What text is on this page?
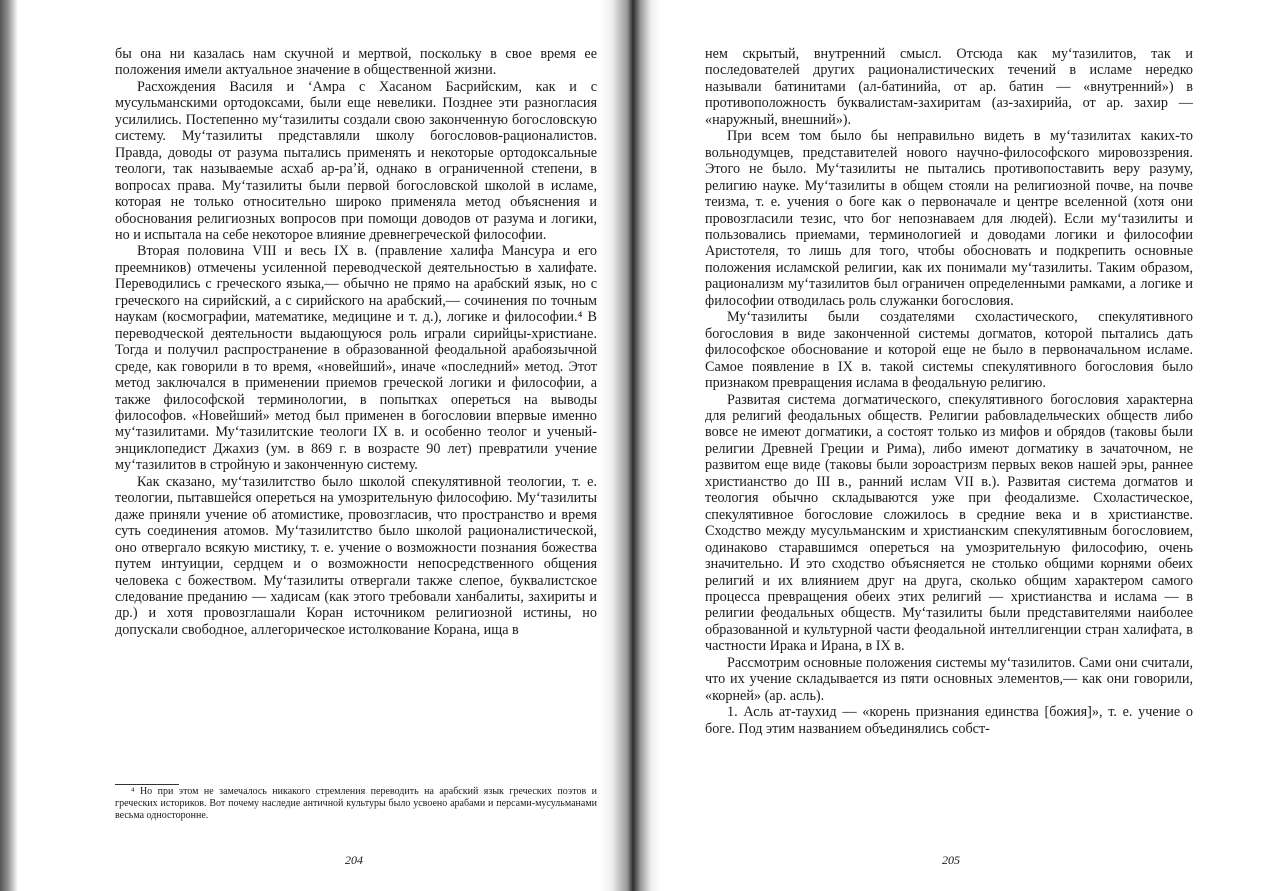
бы она ни казалась нам скучной и мертвой, поскольку в свое время ее положения имели актуальное значение в общественной жизни.

Расхождения Василя и ʻАмра с Хасаном Басрийским, как и с мусульманскими ортодоксами, были еще невелики. Позднее эти разногласия усилились. Постепенно муʻтазилиты создали свою законченную богословскую систему. Муʻтазилиты представляли школу богословов-рационалистов. Правда, доводы от разума пытались применять и некоторые ортодоксальные теологи, так называемые асхаб ар-раʼй, однако в ограниченной степени, в вопросах права. Муʻтазилиты были первой богословской школой в исламе, которая не только относительно широко применяла метод объяснения и обоснования религиозных вопросов при помощи доводов от разума и логики, но и испытала на себе некоторое влияние древнегреческой философии.

Вторая половина VIII и весь IX в. (правление халифа Мансура и его преемников) отмечены усиленной переводческой деятельностью в халифате. Переводились с греческого языка,— обычно не прямо на арабский язык, но с греческого на сирийский, а с сирийского на арабский,— сочинения по точным наукам (космографии, математике, медицине и т. д.), логике и философии.⁴ В переводческой деятельности выдающуюся роль играли сирийцы-христиане. Тогда и получил распространение в образованной феодальной арабоязычной среде, как говорили в то время, «новейший», иначе «последний» метод. Этот метод заключался в применении приемов греческой логики и философии, а также философской терминологии, в попытках опереться на выводы философов. «Новейший» метод был применен в богословии впервые именно муʻтазилитами. Муʻтазилитские теологи IX в. и особенно теолог и ученый-энциклопедист Джахиз (ум. в 869 г. в возрасте 90 лет) превратили учение муʻтазилитов в стройную и законченную систему.

Как сказано, муʻтазилитство было школой спекулятивной теологии, т. е. теологии, пытавшейся опереться на умозрительную философию. Муʻтазилиты даже приняли учение об атомистике, провозгласив, что пространство и время суть соединения атомов. Муʻтазилитство было школой рационалистической, оно отвергало всякую мистику, т. е. учение о возможности познания божества путем интуиции, сердцем и о возможности непосредственного общения человека с божеством. Муʻтазилиты отвергали также слепое, буквалистское следование преданию — хадисам (как этого требовали ханбалиты, захириты и др.) и хотя провозглашали Коран источником религиозной истины, но допускали свободное, аллегорическое истолкование Корана, ища в

⁴ Но при этом не замечалось никакого стремления переводить на арабский язык греческих поэтов и греческих историков. Вот почему наследие античной культуры было усвоено арабами и персами-мусульманами весьма односторонне.

204

нем скрытый, внутренний смысл. Отсюда как муʻтазилитов, так и последователей других рационалистических течений в исламе нередко называли батинитами (ал-батинийа, от ар. батин — «внутренний») в противоположность буквалистам-захиритам (аз-захирийа, от ар. захир — «наружный, внешний»).

При всем том было бы неправильно видеть в муʻтазилитах каких-то вольнодумцев, представителей нового научно-философского мировоззрения. Этого не было. Муʻтазилиты не пытались противопоставить веру разуму, религию науке. Муʻтазилиты в общем стояли на религиозной почве, на почве теизма, т. е. учения о боге как о первоначале и центре вселенной (хотя они провозгласили тезис, что бог непознаваем для людей). Если муʻтазилиты и пользовались приемами, терминологией и доводами логики и философии Аристотеля, то лишь для того, чтобы обосновать и подкрепить основные положения исламской религии, как их понимали муʻтазилиты. Таким образом, рационализм муʻтазилитов был ограничен определенными рамками, а логике и философии отводилась роль служанки богословия.

Муʻтазилиты были создателями схоластического, спекулятивного богословия в виде законченной системы догматов, которой пытались дать философское обоснование и которой еще не было в первоначальном исламе. Самое появление в IX в. такой системы спекулятивного богословия было признаком превращения ислама в феодальную религию.

Развитая система догматического, спекулятивного богословия характерна для религий феодальных обществ. Религии рабовладельческих обществ либо вовсе не имеют догматики, а состоят только из мифов и обрядов (таковы были религии Древней Греции и Рима), либо имеют догматику в зачаточном, не развитом еще виде (таковы были зороастризм первых веков нашей эры, раннее христианство до III в., ранний ислам VII в.). Развитая система догматов и теология обычно складываются уже при феодализме. Схоластическое, спекулятивное богословие сложилось в средние века и в христианстве. Сходство между мусульманским и христианским спекулятивным богословием, одинаково старавшимся опереться на умозрительную философию, очень значительно. И это сходство объясняется не столько общими корнями обеих религий и их влиянием друг на друга, сколько общим характером самого процесса превращения обеих этих религий — христианства и ислама — в религии феодальных обществ. Муʻтазилиты были представителями наиболее образованной и культурной части феодальной интеллигенции стран халифата, в частности Ирака и Ирана, в IX в.

Рассмотрим основные положения системы муʻтазилитов. Сами они считали, что их учение складывается из пяти основных элементов,— как они говорили, «корней» (ар. асль).

1. Асль ат-таухид — «корень признания единства [божия]», т. е. учение о боге. Под этим названием объединялись собст-

205
